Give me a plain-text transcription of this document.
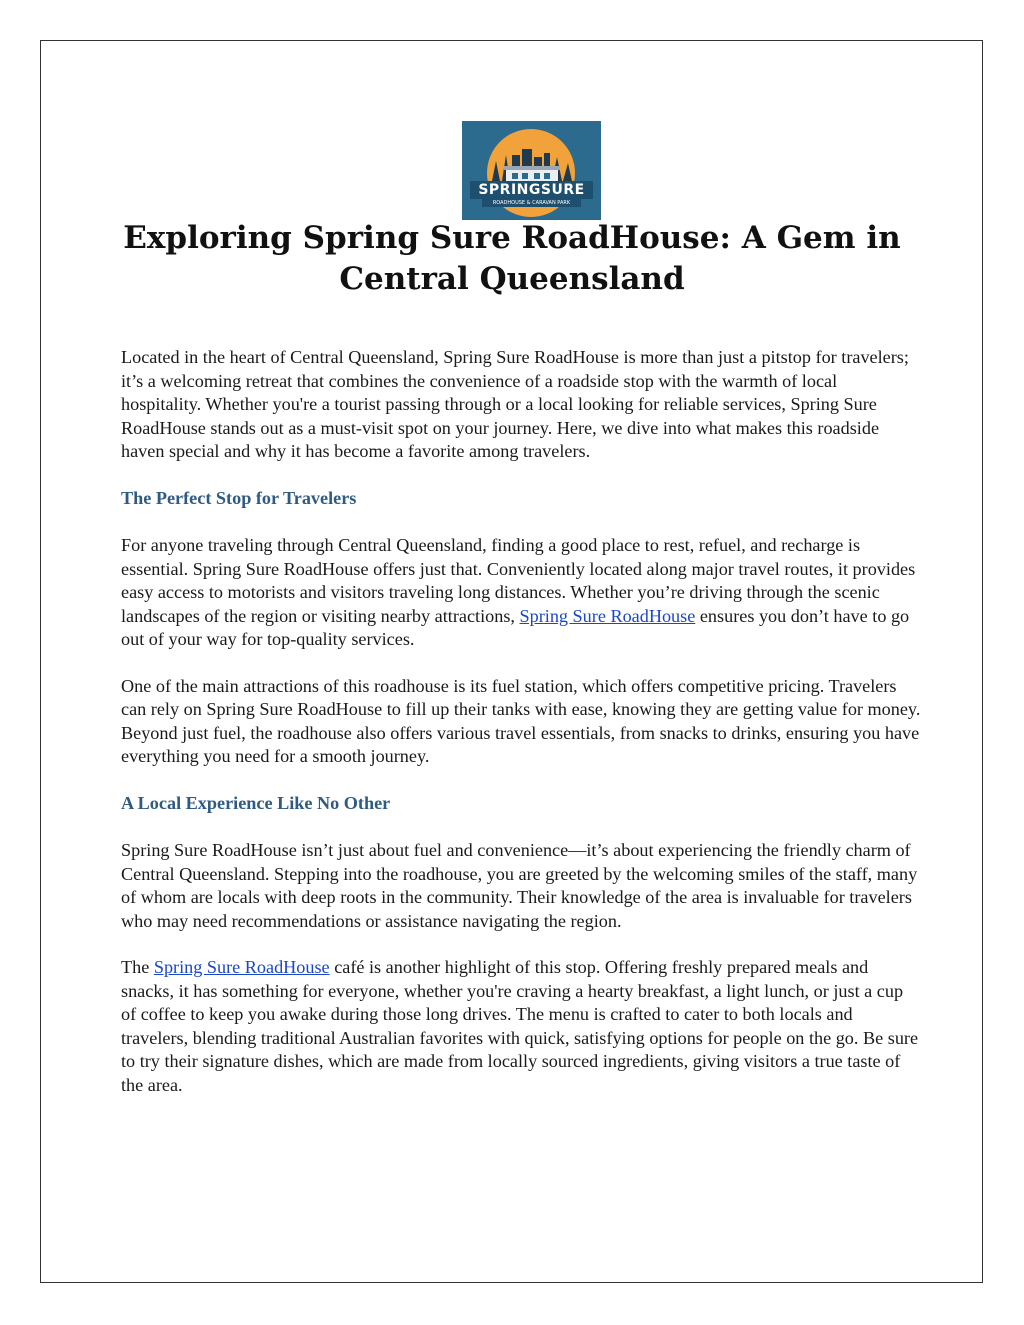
SPRINGSURE
ROADHOUSE & CARAVAN PARK
Exploring Spring Sure RoadHouse: A Gem in Central Queensland

Located in the heart of Central Queensland, Spring Sure RoadHouse is more than just a pitstop for travelers; it’s a welcoming retreat that combines the convenience of a roadside stop with the warmth of local hospitality. Whether you're a tourist passing through or a local looking for reliable services, Spring Sure RoadHouse stands out as a must-visit spot on your journey. Here, we dive into what makes this roadside haven special and why it has become a favorite among travelers.

The Perfect Stop for Travelers

For anyone traveling through Central Queensland, finding a good place to rest, refuel, and recharge is essential. Spring Sure RoadHouse offers just that. Conveniently located along major travel routes, it provides easy access to motorists and visitors traveling long distances. Whether you’re driving through the scenic landscapes of the region or visiting nearby attractions, Spring Sure RoadHouse ensures you don’t have to go out of your way for top-quality services.

One of the main attractions of this roadhouse is its fuel station, which offers competitive pricing. Travelers can rely on Spring Sure RoadHouse to fill up their tanks with ease, knowing they are getting value for money. Beyond just fuel, the roadhouse also offers various travel essentials, from snacks to drinks, ensuring you have everything you need for a smooth journey.

A Local Experience Like No Other

Spring Sure RoadHouse isn’t just about fuel and convenience—it’s about experiencing the friendly charm of Central Queensland. Stepping into the roadhouse, you are greeted by the welcoming smiles of the staff, many of whom are locals with deep roots in the community. Their knowledge of the area is invaluable for travelers who may need recommendations or assistance navigating the region.

The Spring Sure RoadHouse café is another highlight of this stop. Offering freshly prepared meals and snacks, it has something for everyone, whether you're craving a hearty breakfast, a light lunch, or just a cup of coffee to keep you awake during those long drives. The menu is crafted to cater to both locals and travelers, blending traditional Australian favorites with quick, satisfying options for people on the go. Be sure to try their signature dishes, which are made from locally sourced ingredients, giving visitors a true taste of the area.
